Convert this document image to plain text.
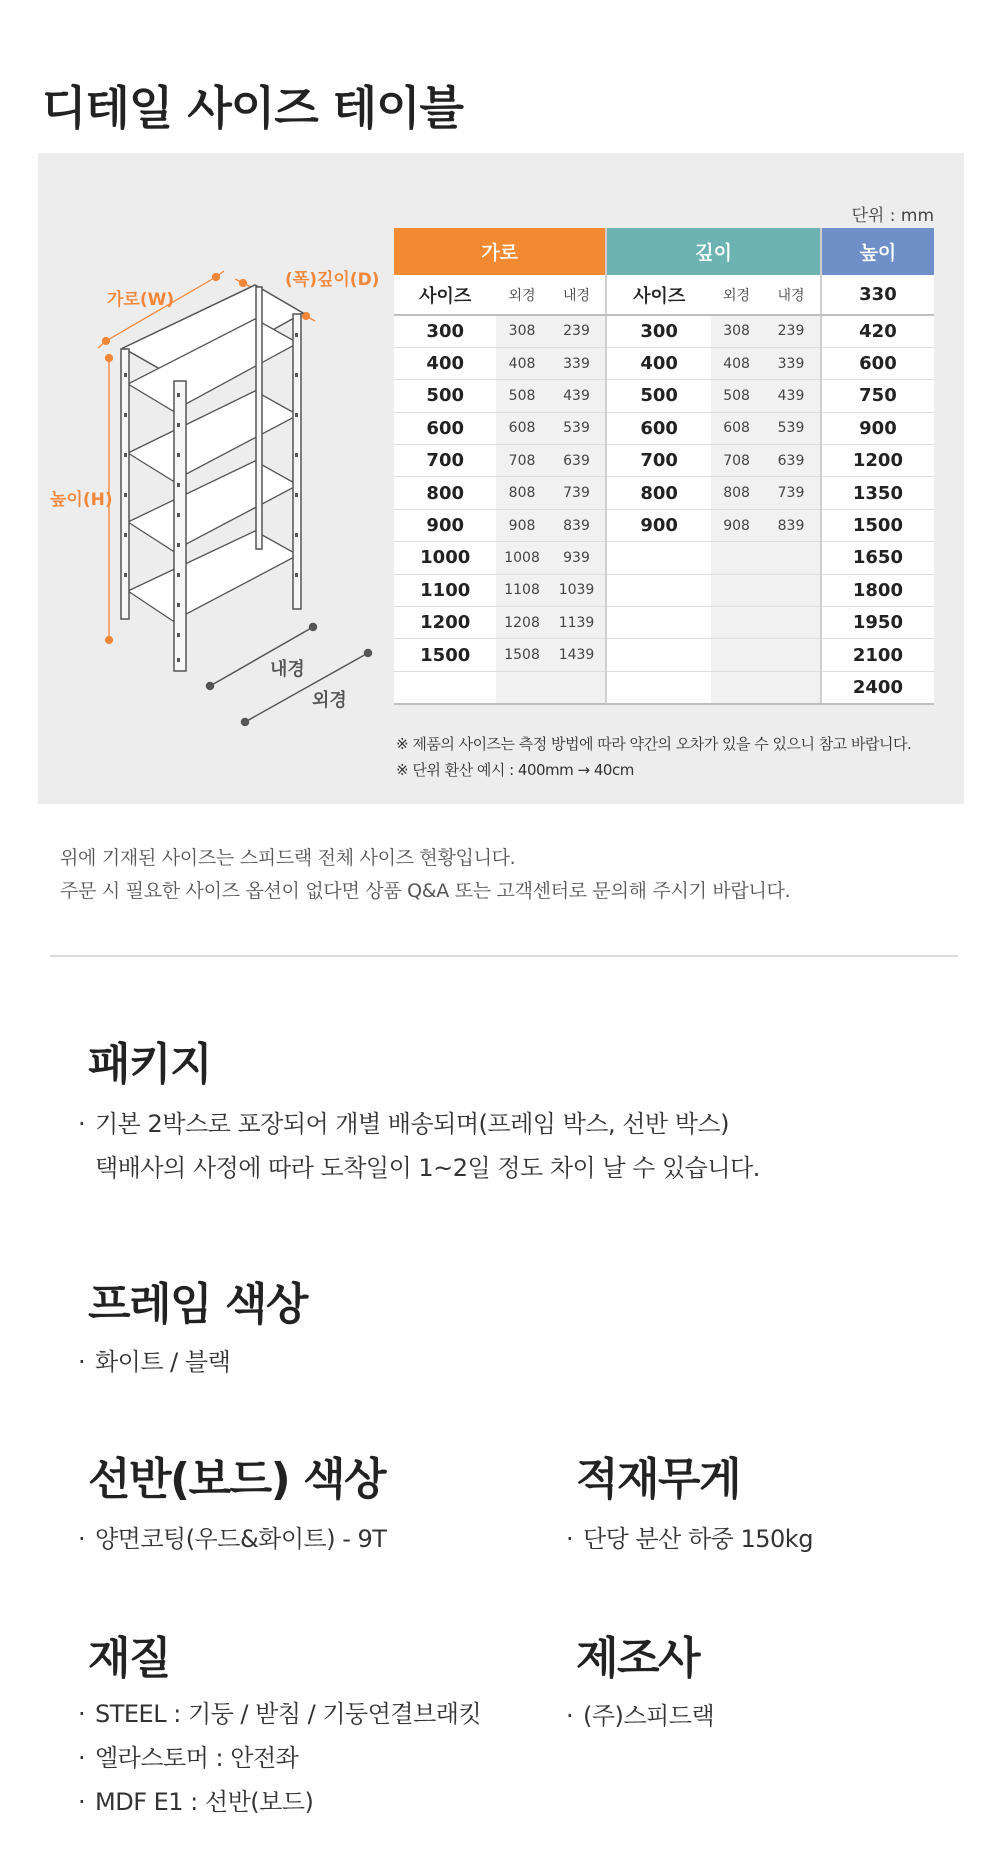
디테일 사이즈 테이블
가로(W)
(폭)깊이(D)
높이(H)
내경
외경
단위 : mm
가로			깊이			높이
사이즈	외경	내경	사이즈	외경	내경	330
300	308	239	300	308	239	420
400	408	339	400	408	339	600
500	508	439	500	508	439	750
600	608	539	600	608	539	900
700	708	639	700	708	639	1200
800	808	739	800	808	739	1350
900	908	839	900	908	839	1500
1000	1008	939				1650
1100	1108	1039				1800
1200	1208	1139				1950
1500	1508	1439				2100
						2400
※ 제품의 사이즈는 측정 방법에 따라 약간의 오차가 있을 수 있으니 참고 바랍니다.
※ 단위 환산 예시 : 400mm → 40cm
위에 기재된 사이즈는 스피드랙 전체 사이즈 현황입니다.
주문 시 필요한 사이즈 옵션이 없다면 상품 Q&A 또는 고객센터로 문의해 주시기 바랍니다.
패키지
· 기본 2박스로 포장되어 개별 배송되며(프레임 박스, 선반 박스)
택배사의 사정에 따라 도착일이 1~2일 정도 차이 날 수 있습니다.
프레임 색상
· 화이트 / 블랙
선반(보드) 색상
· 양면코팅(우드&화이트) - 9T
적재무게
· 단당 분산 하중 150kg
재질
· STEEL : 기둥 / 받침 / 기둥연결브래킷
· 엘라스토머 : 안전좌
· MDF E1 : 선반(보드)
제조사
· (주)스피드랙
